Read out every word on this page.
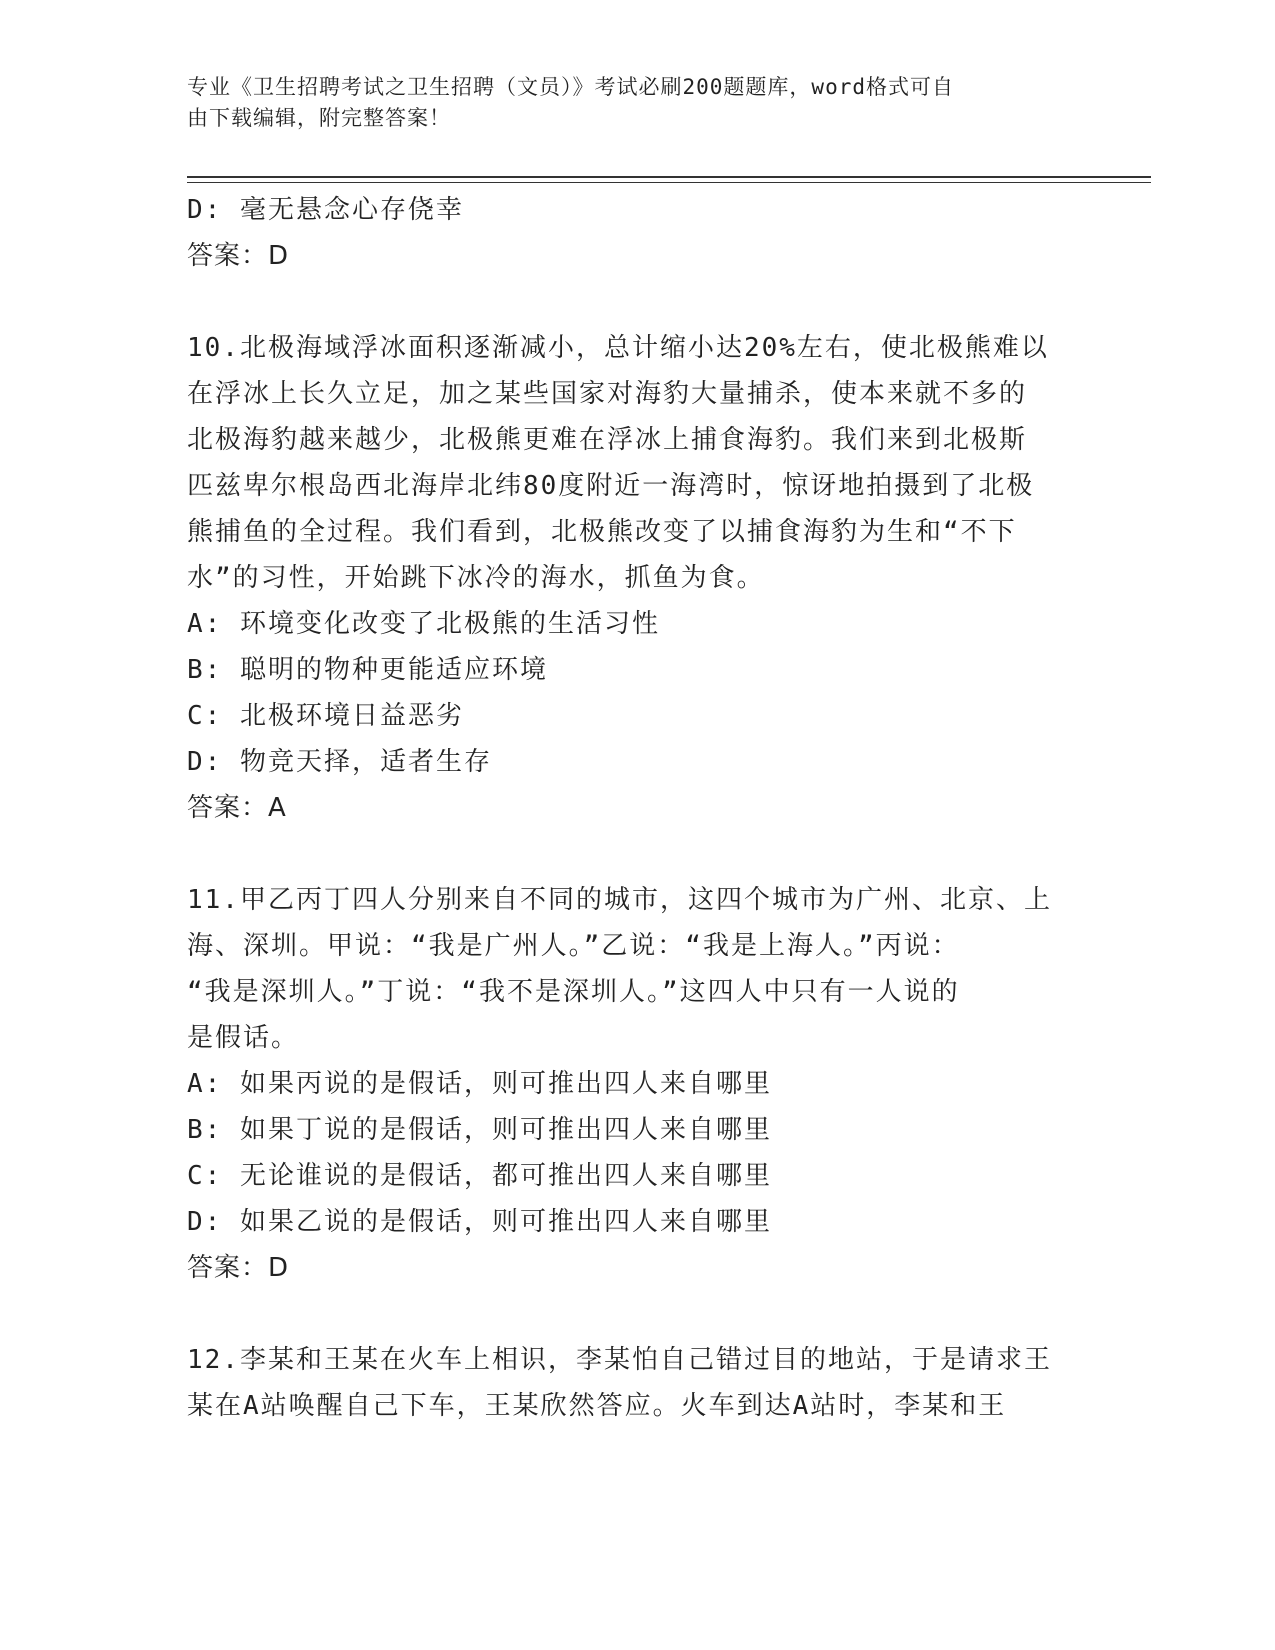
专业《卫生招聘考试之卫生招聘（文员）》考试必刷200题题库，word格式可自
由下载编辑，附完整答案！
D: 毫无悬念心存侥幸
答案：D
10.北极海域浮冰面积逐渐减小，总计缩小达20%左右，使北极熊难以
在浮冰上长久立足，加之某些国家对海豹大量捕杀，使本来就不多的
北极海豹越来越少，北极熊更难在浮冰上捕食海豹。我们来到北极斯
匹兹卑尔根岛西北海岸北纬80度附近一海湾时，惊讶地拍摄到了北极
熊捕鱼的全过程。我们看到，北极熊改变了以捕食海豹为生和“不下
水”的习性，开始跳下冰冷的海水，抓鱼为食。
A: 环境变化改变了北极熊的生活习性
B: 聪明的物种更能适应环境
C: 北极环境日益恶劣
D: 物竞天择，适者生存
答案：A
11.甲乙丙丁四人分别来自不同的城市，这四个城市为广州、北京、上
海、深圳。甲说：“我是广州人。”乙说：“我是上海人。”丙说：
“我是深圳人。”丁说：“我不是深圳人。”这四人中只有一人说的
是假话。
A: 如果丙说的是假话，则可推出四人来自哪里
B: 如果丁说的是假话，则可推出四人来自哪里
C: 无论谁说的是假话，都可推出四人来自哪里
D: 如果乙说的是假话，则可推出四人来自哪里
答案：D
12.李某和王某在火车上相识，李某怕自己错过目的地站，于是请求王
某在A站唤醒自己下车，王某欣然答应。火车到达A站时，李某和王
